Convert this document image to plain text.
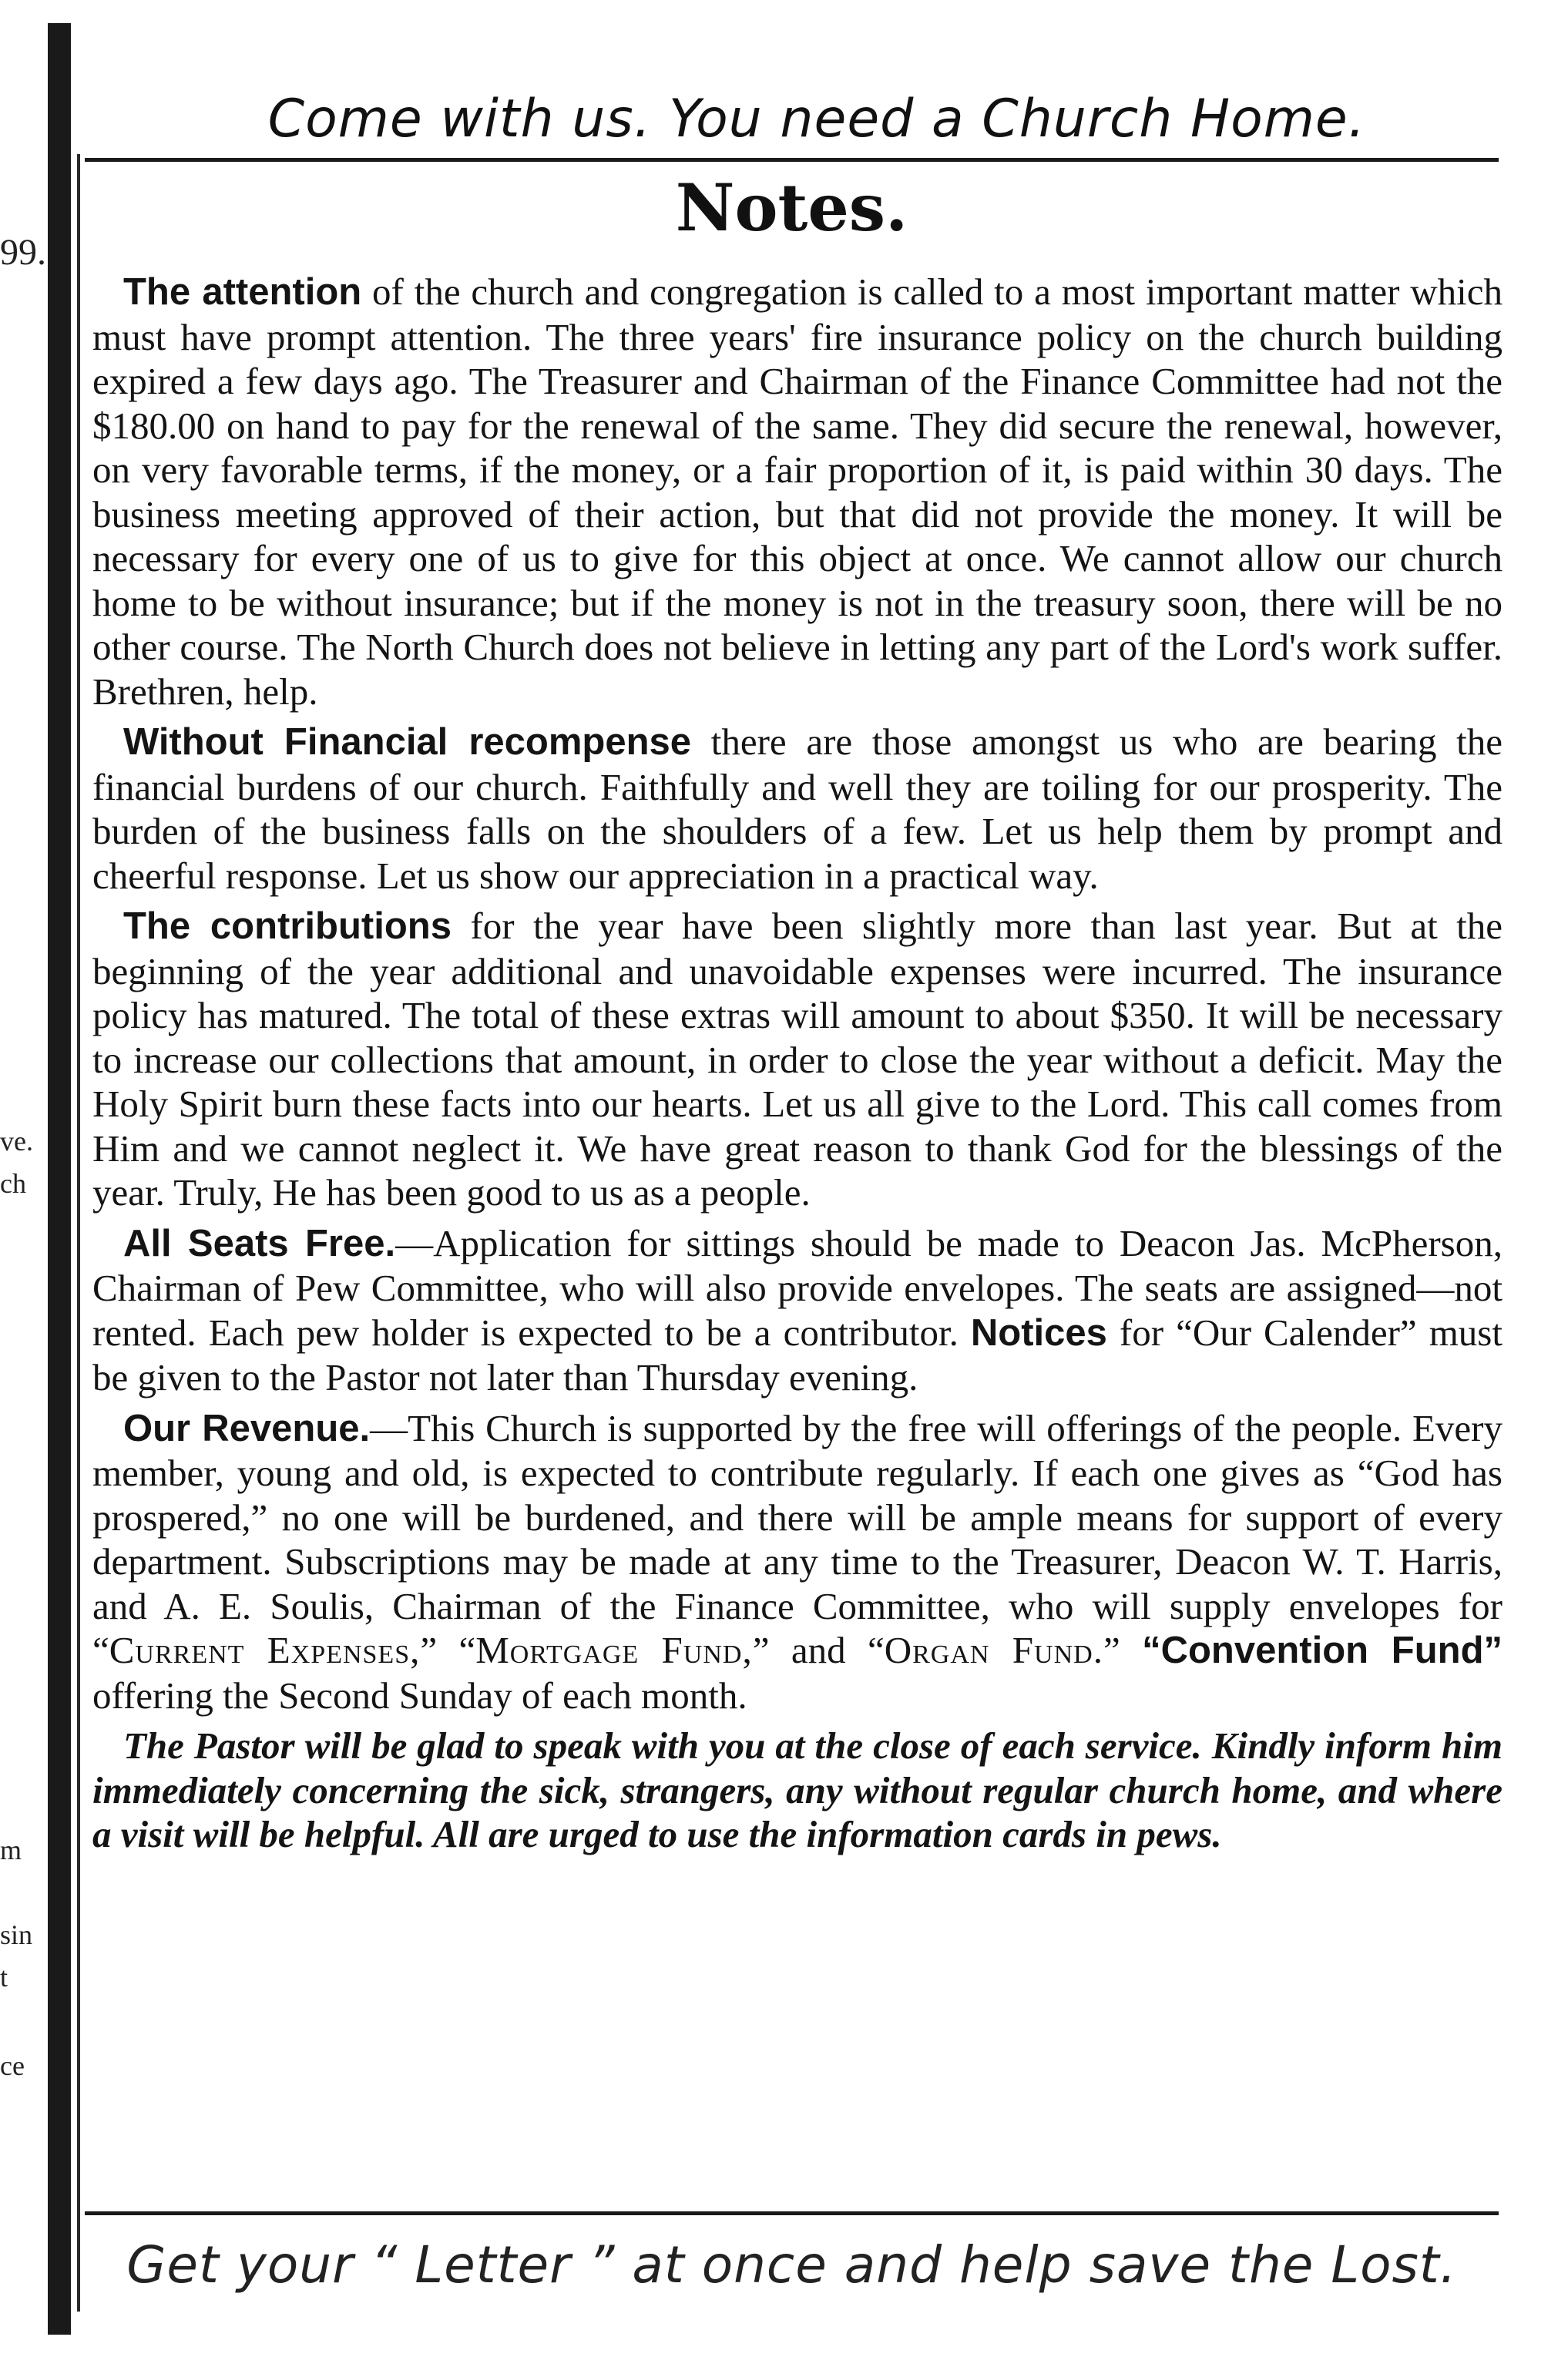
99.
ve.
ch
m
sin
t
ce
Come with us. You need a Church Home.
Notes.

The attention of the church and congregation is called to a most important matter which must have prompt attention. The three years' fire insurance policy on the church building expired a few days ago. The Treasurer and Chairman of the Finance Committee had not the $180.00 on hand to pay for the renewal of the same. They did secure the renewal, however, on very favorable terms, if the money, or a fair proportion of it, is paid within 30 days. The business meeting approved of their action, but that did not provide the money. It will be necessary for every one of us to give for this object at once. We cannot allow our church home to be without insurance; but if the money is not in the treasury soon, there will be no other course. The North Church does not believe in letting any part of the Lord's work suffer. Brethren, help.

Without Financial recompense there are those amongst us who are bearing the financial burdens of our church. Faithfully and well they are toiling for our prosperity. The burden of the business falls on the shoulders of a few. Let us help them by prompt and cheerful response. Let us show our appreciation in a practical way.

The contributions for the year have been slightly more than last year. But at the beginning of the year additional and unavoidable expenses were incurred. The insurance policy has matured. The total of these extras will amount to about $350. It will be necessary to increase our collections that amount, in order to close the year without a deficit. May the Holy Spirit burn these facts into our hearts. Let us all give to the Lord. This call comes from Him and we cannot neglect it. We have great reason to thank God for the blessings of the year. Truly, He has been good to us as a people.

All Seats Free.—Application for sittings should be made to Deacon Jas. McPherson, Chairman of Pew Committee, who will also provide envelopes. The seats are assigned—not rented. Each pew holder is expected to be a contributor. Notices for “Our Calender” must be given to the Pastor not later than Thursday evening.

Our Revenue.—This Church is supported by the free will offerings of the people. Every member, young and old, is expected to contribute regularly. If each one gives as “God has prospered,” no one will be burdened, and there will be ample means for support of every department. Subscriptions may be made at any time to the Treasurer, Deacon W. T. Harris, and A. E. Soulis, Chairman of the Finance Committee, who will supply envelopes for “Current Expenses,” “Mortgage Fund,” and “Organ Fund.” “Convention Fund” offering the Second Sunday of each month.

The Pastor will be glad to speak with you at the close of each service. Kindly inform him immediately concerning the sick, strangers, any without regular church home, and where a visit will be helpful. All are urged to use the information cards in pews.

Get your “ Letter ” at once and help save the Lost.
